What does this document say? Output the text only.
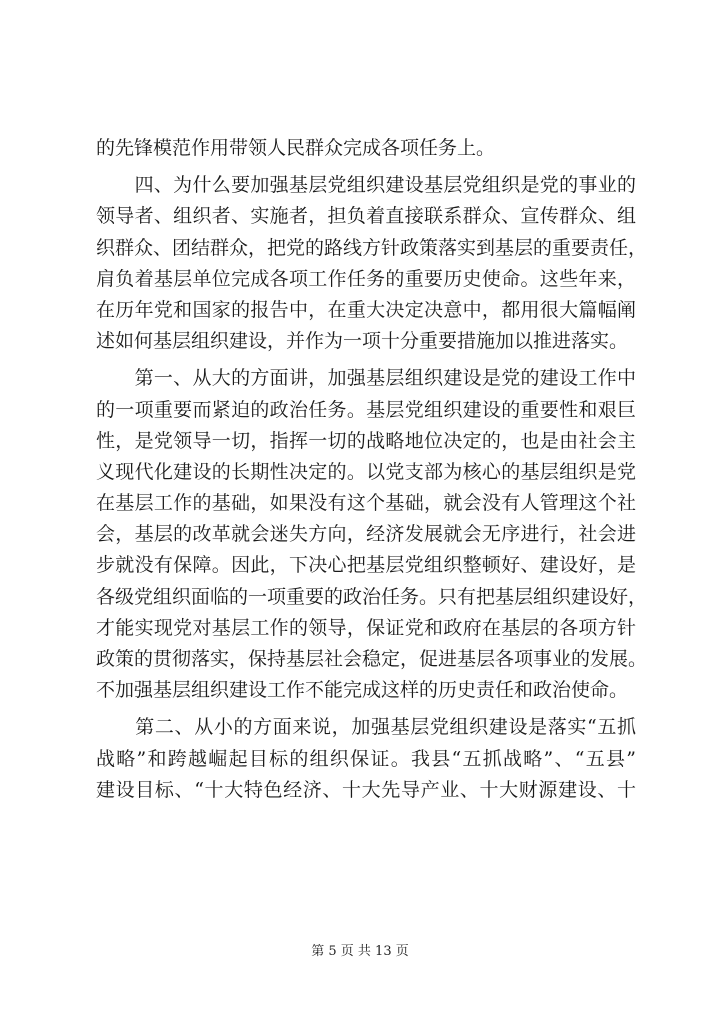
的先锋模范作用带领人民群众完成各项任务上。
　　四、为什么要加强基层党组织建设基层党组织是党的事业的
领导者、组织者、实施者，担负着直接联系群众、宣传群众、组
织群众、团结群众，把党的路线方针政策落实到基层的重要责任，
肩负着基层单位完成各项工作任务的重要历史使命。这些年来，
在历年党和国家的报告中，在重大决定决意中，都用很大篇幅阐
述如何基层组织建设，并作为一项十分重要措施加以推进落实。
　　第一、从大的方面讲，加强基层组织建设是党的建设工作中
的一项重要而紧迫的政治任务。基层党组织建设的重要性和艰巨
性，是党领导一切，指挥一切的战略地位决定的，也是由社会主
义现代化建设的长期性决定的。以党支部为核心的基层组织是党
在基层工作的基础，如果没有这个基础，就会没有人管理这个社
会，基层的改革就会迷失方向，经济发展就会无序进行，社会进
步就没有保障。因此，下决心把基层党组织整顿好、建设好，是
各级党组织面临的一项重要的政治任务。只有把基层组织建设好，
才能实现党对基层工作的领导，保证党和政府在基层的各项方针
政策的贯彻落实，保持基层社会稳定，促进基层各项事业的发展。
不加强基层组织建设工作不能完成这样的历史责任和政治使命。
　　第二、从小的方面来说，加强基层党组织建设是落实“五抓
战略”和跨越崛起目标的组织保证。我县“五抓战略”、“五县”
建设目标、“十大特色经济、十大先导产业、十大财源建设、十
第 5 页 共 13 页
